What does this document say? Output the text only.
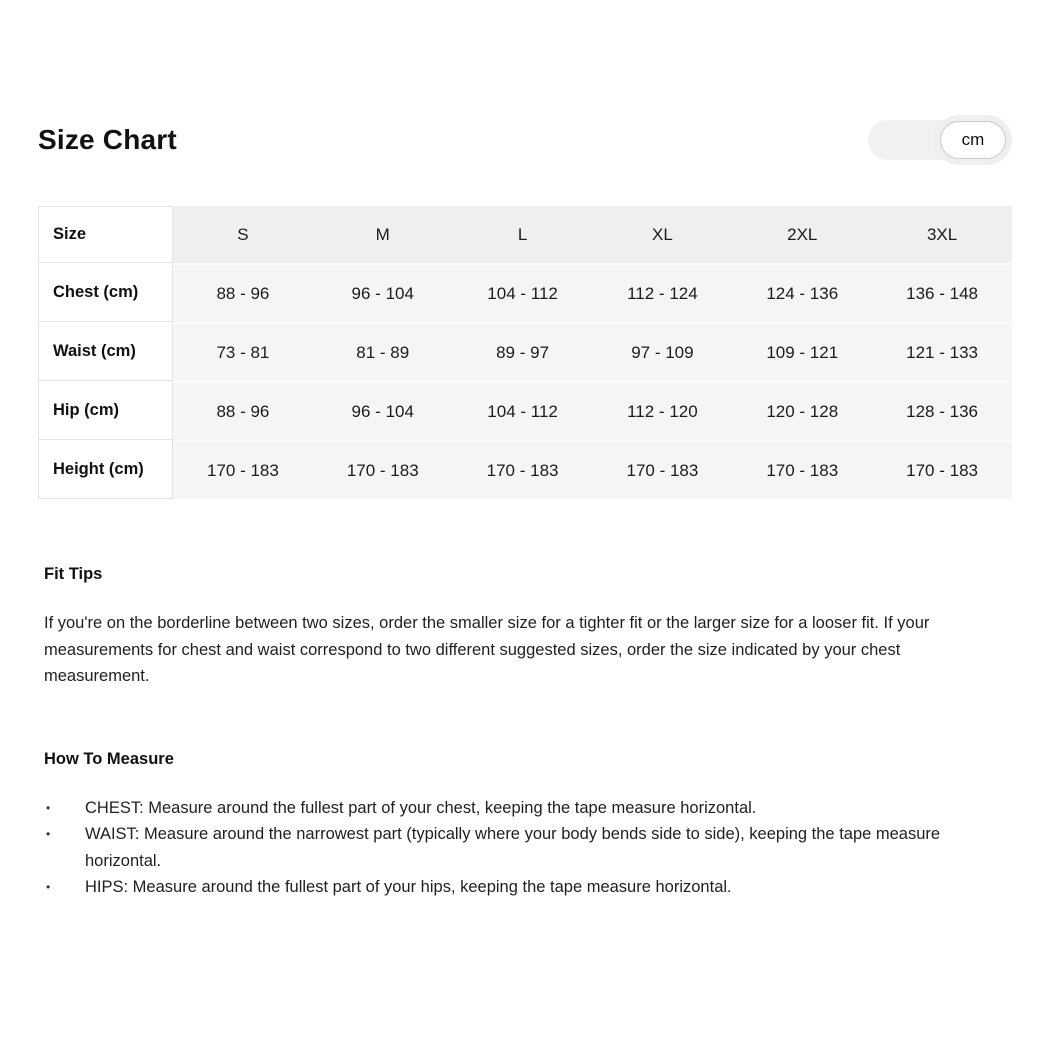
Size Chart	cm
Size	S	M	L	XL	2XL	3XL
Chest (cm)	88 - 96	96 - 104	104 - 112	112 - 124	124 - 136	136 - 148
Waist (cm)	73 - 81	81 - 89	89 - 97	97 - 109	109 - 121	121 - 133
Hip (cm)	88 - 96	96 - 104	104 - 112	112 - 120	120 - 128	128 - 136
Height (cm)	170 - 183	170 - 183	170 - 183	170 - 183	170 - 183	170 - 183
Fit Tips

If you're on the borderline between two sizes, order the smaller size for a tighter fit or the larger size for a looser fit. If your measurements for chest and waist correspond to two different suggested sizes, order the size indicated by your chest measurement.

How To Measure
•	CHEST: Measure around the fullest part of your chest, keeping the tape measure horizontal.
•	WAIST: Measure around the narrowest part (typically where your body bends side to side), keeping the tape measure horizontal.
•	HIPS: Measure around the fullest part of your hips, keeping the tape measure horizontal.
